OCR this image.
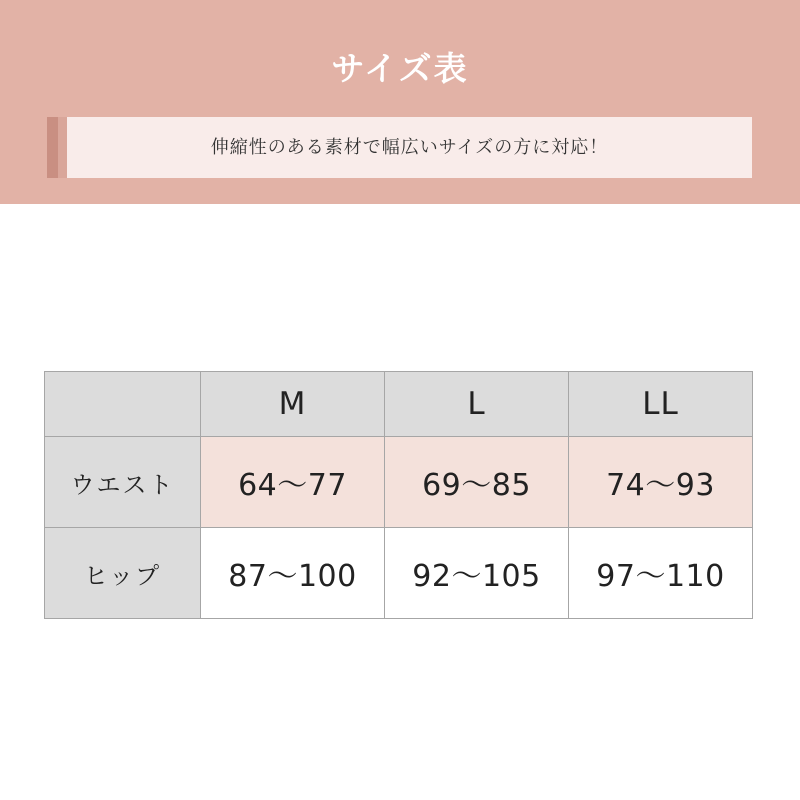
サイズ表
伸縮性のある素材で幅広いサイズの方に対応！
	M	L	LL
ウエスト	64〜77	69〜85	74〜93
ヒップ	87〜100	92〜105	97〜110
